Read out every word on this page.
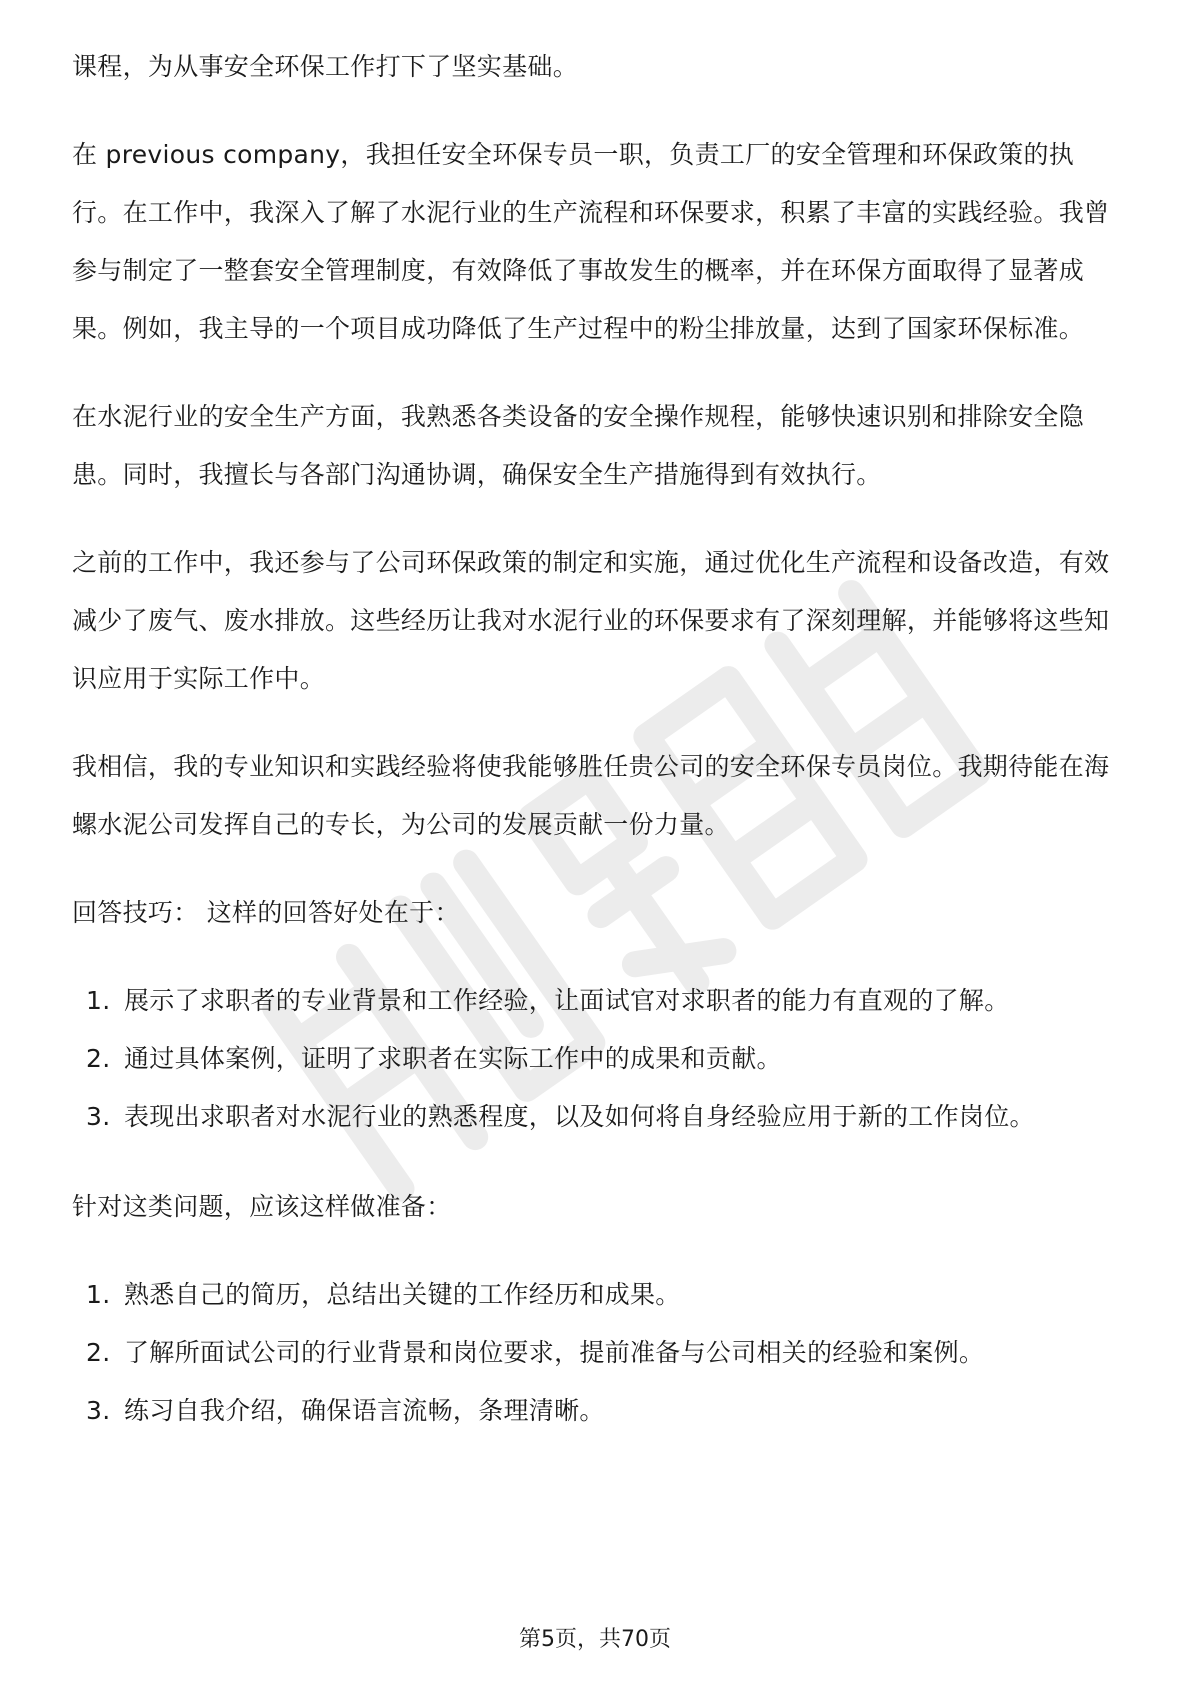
课程，为从事安全环保工作打下了坚实基础。

在 previous company，我担任安全环保专员一职，负责工厂的安全管理和环保政策的执行。在工作中，我深入了解了水泥行业的生产流程和环保要求，积累了丰富的实践经验。我曾参与制定了一整套安全管理制度，有效降低了事故发生的概率，并在环保方面取得了显著成果。例如，我主导的一个项目成功降低了生产过程中的粉尘排放量，达到了国家环保标准。

在水泥行业的安全生产方面，我熟悉各类设备的安全操作规程，能够快速识别和排除安全隐患。同时，我擅长与各部门沟通协调，确保安全生产措施得到有效执行。

之前的工作中，我还参与了公司环保政策的制定和实施，通过优化生产流程和设备改造，有效减少了废气、废水排放。这些经历让我对水泥行业的环保要求有了深刻理解，并能够将这些知识应用于实际工作中。

我相信，我的专业知识和实践经验将使我能够胜任贵公司的安全环保专员岗位。我期待能在海螺水泥公司发挥自己的专长，为公司的发展贡献一份力量。

回答技巧： 这样的回答好处在于：

1. 展示了求职者的专业背景和工作经验，让面试官对求职者的能力有直观的了解。
2. 通过具体案例，证明了求职者在实际工作中的成果和贡献。
3. 表现出求职者对水泥行业的熟悉程度，以及如何将自身经验应用于新的工作岗位。

针对这类问题，应该这样做准备：

1. 熟悉自己的简历，总结出关键的工作经历和成果。
2. 了解所面试公司的行业背景和岗位要求，提前准备与公司相关的经验和案例。
3. 练习自我介绍，确保语言流畅，条理清晰。
第5页，共70页
